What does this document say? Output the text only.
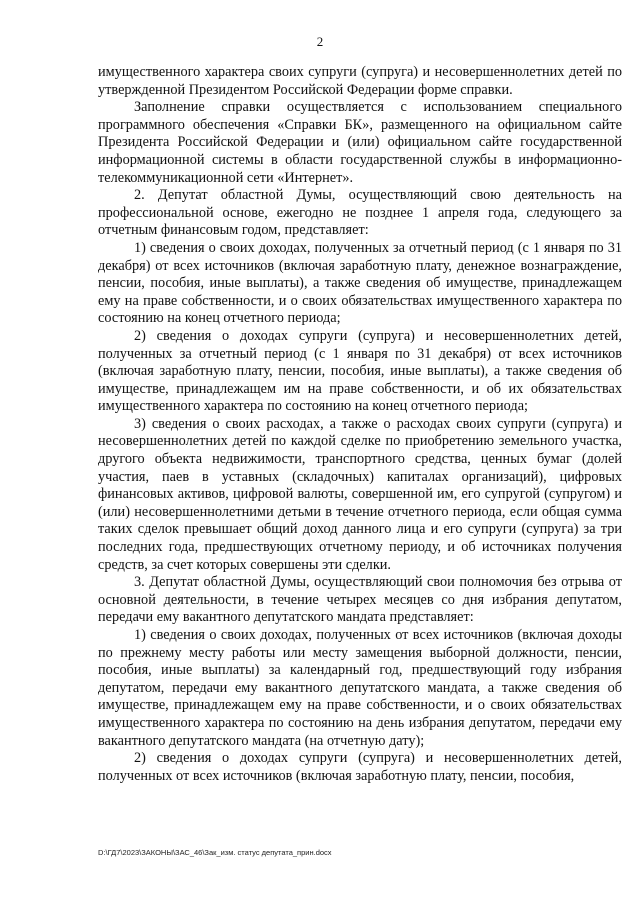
2

имущественного характера своих супруги (супруга) и несовершеннолетних детей по утвержденной Президентом Российской Федерации форме справки.

Заполнение справки осуществляется с использованием специального программного обеспечения «Справки БК», размещенного на официальном сайте Президента Российской Федерации и (или) официальном сайте государственной информационной системы в области государственной службы в информационно-телекоммуникационной сети «Интернет».

2. Депутат областной Думы, осуществляющий свою деятельность на профессиональной основе, ежегодно не позднее 1 апреля года, следующего за отчетным финансовым годом, представляет:

1) сведения о своих доходах, полученных за отчетный период (с 1 января по 31 декабря) от всех источников (включая заработную плату, денежное вознаграждение, пенсии, пособия, иные выплаты), а также сведения об имуществе, принадлежащем ему на праве собственности, и о своих обязательствах имущественного характера по состоянию на конец отчетного периода;

2) сведения о доходах супруги (супруга) и несовершеннолетних детей, полученных за отчетный период (с 1 января по 31 декабря) от всех источников (включая заработную плату, пенсии, пособия, иные выплаты), а также сведения об имуществе, принадлежащем им на праве собственности, и об их обязательствах имущественного характера по состоянию на конец отчетного периода;

3) сведения о своих расходах, а также о расходах своих супруги (супруга) и несовершеннолетних детей по каждой сделке по приобретению земельного участка, другого объекта недвижимости, транспортного средства, ценных бумаг (долей участия, паев в уставных (складочных) капиталах организаций), цифровых финансовых активов, цифровой валюты, совершенной им, его супругой (супругом) и (или) несовершеннолетними детьми в течение отчетного периода, если общая сумма таких сделок превышает общий доход данного лица и его супруги (супруга) за три последних года, предшествующих отчетному периоду, и об источниках получения средств, за счет которых совершены эти сделки.

3. Депутат областной Думы, осуществляющий свои полномочия без отрыва от основной деятельности, в течение четырех месяцев со дня избрания депутатом, передачи ему вакантного депутатского мандата представляет:

1) сведения о своих доходах, полученных от всех источников (включая доходы по прежнему месту работы или месту замещения выборной должности, пенсии, пособия, иные выплаты) за календарный год, предшествующий году избрания депутатом, передачи ему вакантного депутатского мандата, а также сведения об имуществе, принадлежащем ему на праве собственности, и о своих обязательствах имущественного характера по состоянию на день избрания депутатом, передачи ему вакантного депутатского мандата (на отчетную дату);

2) сведения о доходах супруги (супруга) и несовершеннолетних детей, полученных от всех источников (включая заработную плату, пенсии, пособия,

D:\ГД7\2023\ЗАКОНЫ\ЗАС_46\Зак_изм. статус депутата_прин.docx
